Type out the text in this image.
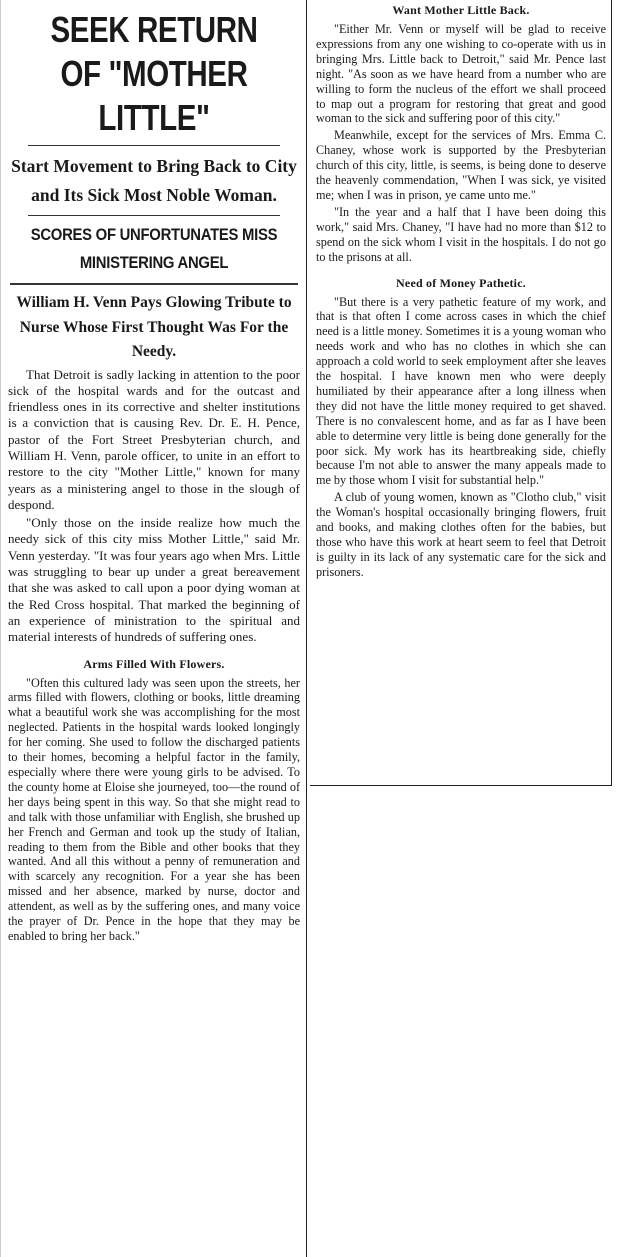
SEEK RETURN OF "MOTHER LITTLE"
Start Movement to Bring Back to City and Its Sick Most Noble Woman.
SCORES OF UNFORTUNATES MISS MINISTERING ANGEL
William H. Venn Pays Glowing Tribute to Nurse Whose First Thought Was For the Needy.

That Detroit is sadly lacking in attention to the poor sick of the hospital wards and for the outcast and friendless ones in its corrective and shelter institutions is a conviction that is causing Rev. Dr. E. H. Pence, pastor of the Fort Street Presbyterian church, and William H. Venn, parole officer, to unite in an effort to restore to the city "Mother Little," known for many years as a ministering angel to those in the slough of despond.

"Only those on the inside realize how much the needy sick of this city miss Mother Little," said Mr. Venn yesterday. "It was four years ago when Mrs. Little was struggling to bear up under a great bereavement that she was asked to call upon a poor dying woman at the Red Cross hospital. That marked the beginning of an experience of ministration to the spiritual and material interests of hundreds of suffering ones.

Arms Filled With Flowers.

"Often this cultured lady was seen upon the streets, her arms filled with flowers, clothing or books, little dreaming what a beautiful work she was accomplishing for the most neglected. Patients in the hospital wards looked longingly for her coming. She used to follow the discharged patients to their homes, becoming a helpful factor in the family, especially where there were young girls to be advised. To the county home at Eloise she journeyed, too—the round of her days being spent in this way. So that she might read to and talk with those unfamiliar with English, she brushed up her French and German and took up the study of Italian, reading to them from the Bible and other books that they wanted. And all this without a penny of remuneration and with scarcely any recognition. For a year she has been missed and her absence, marked by nurse, doctor and attendent, as well as by the suffering ones, and many voice the prayer of Dr. Pence in the hope that they may be enabled to bring her back."

Want Mother Little Back.

"Either Mr. Venn or myself will be glad to receive expressions from any one wishing to co-operate with us in bringing Mrs. Little back to Detroit," said Mr. Pence last night. "As soon as we have heard from a number who are willing to form the nucleus of the effort we shall proceed to map out a program for restoring that great and good woman to the sick and suffering poor of this city."

Meanwhile, except for the services of Mrs. Emma C. Chaney, whose work is supported by the Presbyterian church of this city, little, is seems, is being done to deserve the heavenly commendation, "When I was sick, ye visited me; when I was in prison, ye came unto me."

"In the year and a half that I have been doing this work," said Mrs. Chaney, "I have had no more than $12 to spend on the sick whom I visit in the hospitals. I do not go to the prisons at all.

Need of Money Pathetic.

"But there is a very pathetic feature of my work, and that is that often I come across cases in which the chief need is a little money. Sometimes it is a young woman who needs work and who has no clothes in which she can approach a cold world to seek employment after she leaves the hospital. I have known men who were deeply humiliated by their appearance after a long illness when they did not have the little money required to get shaved. There is no convalescent home, and as far as I have been able to determine very little is being done generally for the poor sick. My work has its heartbreaking side, chiefly because I'm not able to answer the many appeals made to me by those whom I visit for substantial help."

A club of young women, known as "Clotho club," visit the Woman's hospital occasionally bringing flowers, fruit and books, and making clothes often for the babies, but those who have this work at heart seem to feel that Detroit is guilty in its lack of any systematic care for the sick and prisoners.
